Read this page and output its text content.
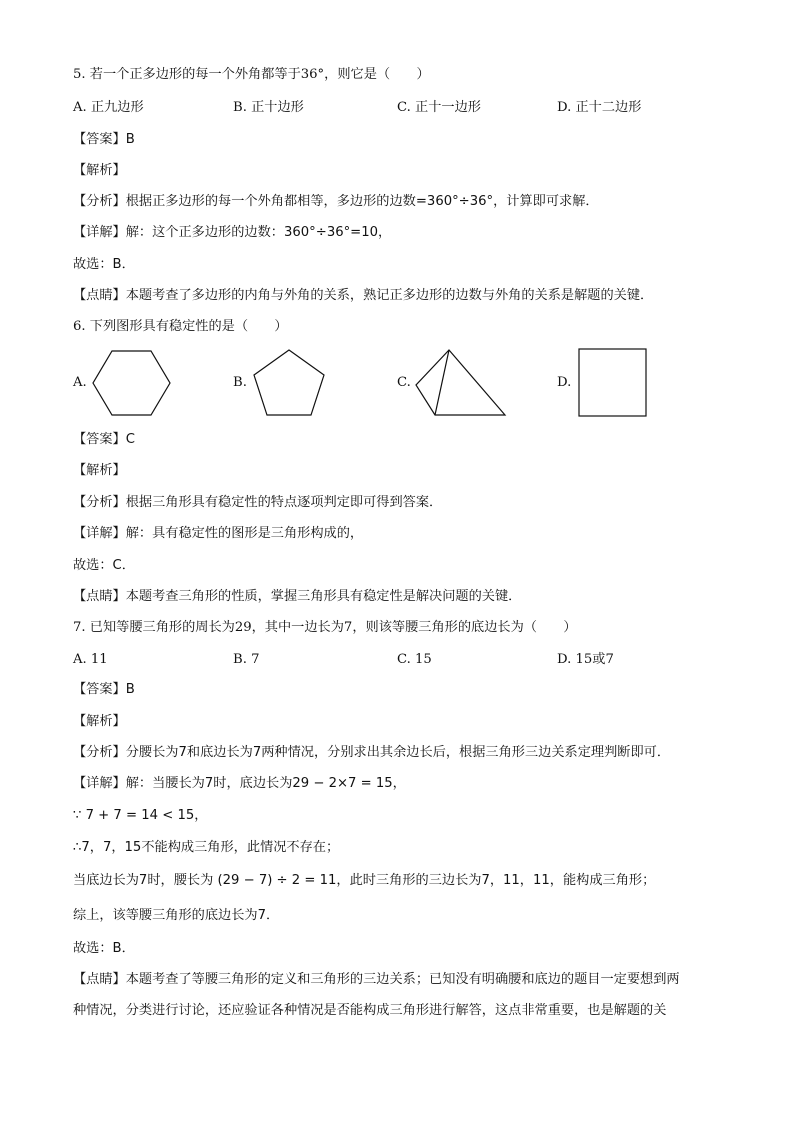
5. 若一个正多边形的每一个外角都等于36°，则它是（　　）
A. 正九边形	B. 正十边形	C. 正十一边形	D. 正十二边形
【答案】B
【解析】
【分析】根据正多边形的每一个外角都相等，多边形的边数=360°÷36°，计算即可求解．
【详解】解：这个正多边形的边数：360°÷36°=10，
故选：B．
【点睛】本题考查了多边形的内角与外角的关系，熟记正多边形的边数与外角的关系是解题的关键．
6. 下列图形具有稳定性的是（　　）
A.	B.	C.	D.
【答案】C
【解析】
【分析】根据三角形具有稳定性的特点逐项判定即可得到答案．
【详解】解：具有稳定性的图形是三角形构成的，
故选：C．
【点睛】本题考查三角形的性质，掌握三角形具有稳定性是解决问题的关键．
7. 已知等腰三角形的周长为29，其中一边长为7，则该等腰三角形的底边长为（　　）
A. 11	B. 7	C. 15	D. 15或7
【答案】B
【解析】
【分析】分腰长为7和底边长为7两种情况，分别求出其余边长后，根据三角形三边关系定理判断即可．
【详解】解：当腰长为7时，底边长为29 − 2×7 = 15，
∵ 7 + 7 = 14 < 15，
∴7，7，15不能构成三角形，此情况不存在；
当底边长为7时，腰长为 (29 − 7) ÷ 2 = 11，此时三角形的三边长为7，11，11，能构成三角形；
综上，该等腰三角形的底边长为7．
故选：B．
【点睛】本题考查了等腰三角形的定义和三角形的三边关系；已知没有明确腰和底边的题目一定要想到两
种情况，分类进行讨论，还应验证各种情况是否能构成三角形进行解答，这点非常重要，也是解题的关
